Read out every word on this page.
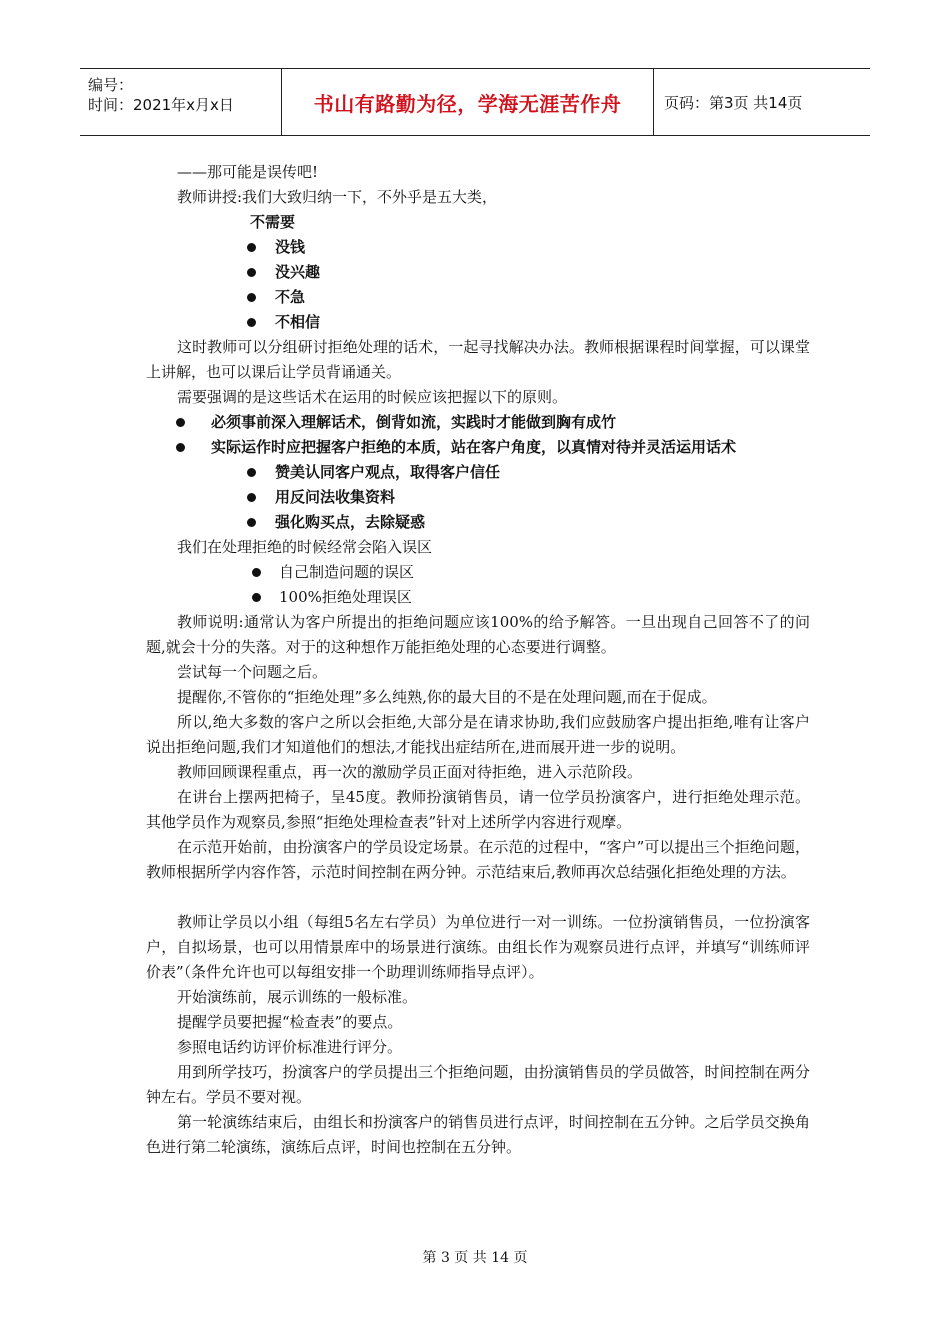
编号：
时间：2021年x月x日	书山有路勤为径，学海无涯苦作舟	页码：第3页 共14页
——那可能是误传吧!
教师讲授:我们大致归纳一下，不外乎是五大类，
不需要
没钱
没兴趣
不急
不相信
这时教师可以分组研讨拒绝处理的话术，一起寻找解决办法。教师根据课程时间掌握，可以课堂上讲解，也可以课后让学员背诵通关。
需要强调的是这些话术在运用的时候应该把握以下的原则。
必须事前深入理解话术，倒背如流，实践时才能做到胸有成竹
实际运作时应把握客户拒绝的本质，站在客户角度，以真情对待并灵活运用话术
赞美认同客户观点，取得客户信任
用反问法收集资料
强化购买点，去除疑惑
我们在处理拒绝的时候经常会陷入误区
自己制造问题的误区
100%拒绝处理误区
教师说明:通常认为客户所提出的拒绝问题应该100%的给予解答。一旦出现自己回答不了的问题,就会十分的失落。对于的这种想作万能拒绝处理的心态要进行调整。
尝试每一个问题之后。
提醒你,不管你的“拒绝处理”多么纯熟,你的最大目的不是在处理问题,而在于促成。
所以,绝大多数的客户之所以会拒绝,大部分是在请求协助,我们应鼓励客户提出拒绝,唯有让客户说出拒绝问题,我们才知道他们的想法,才能找出症结所在,进而展开进一步的说明。
教师回顾课程重点，再一次的激励学员正面对待拒绝，进入示范阶段。
在讲台上摆两把椅子，呈45度。教师扮演销售员，请一位学员扮演客户，进行拒绝处理示范。其他学员作为观察员,参照“拒绝处理检查表”针对上述所学内容进行观摩。
在示范开始前，由扮演客户的学员设定场景。在示范的过程中，“客户”可以提出三个拒绝问题，教师根据所学内容作答，示范时间控制在两分钟。示范结束后,教师再次总结强化拒绝处理的方法。
教师让学员以小组（每组5名左右学员）为单位进行一对一训练。一位扮演销售员，一位扮演客户，自拟场景，也可以用情景库中的场景进行演练。由组长作为观察员进行点评，并填写“训练师评价表”（条件允许也可以每组安排一个助理训练师指导点评）。
开始演练前，展示训练的一般标准。
提醒学员要把握“检查表”的要点。
参照电话约访评价标准进行评分。
用到所学技巧，扮演客户的学员提出三个拒绝问题，由扮演销售员的学员做答，时间控制在两分钟左右。学员不要对视。
第一轮演练结束后，由组长和扮演客户的销售员进行点评，时间控制在五分钟。之后学员交换角色进行第二轮演练，演练后点评，时间也控制在五分钟。
第 3 页 共 14 页
